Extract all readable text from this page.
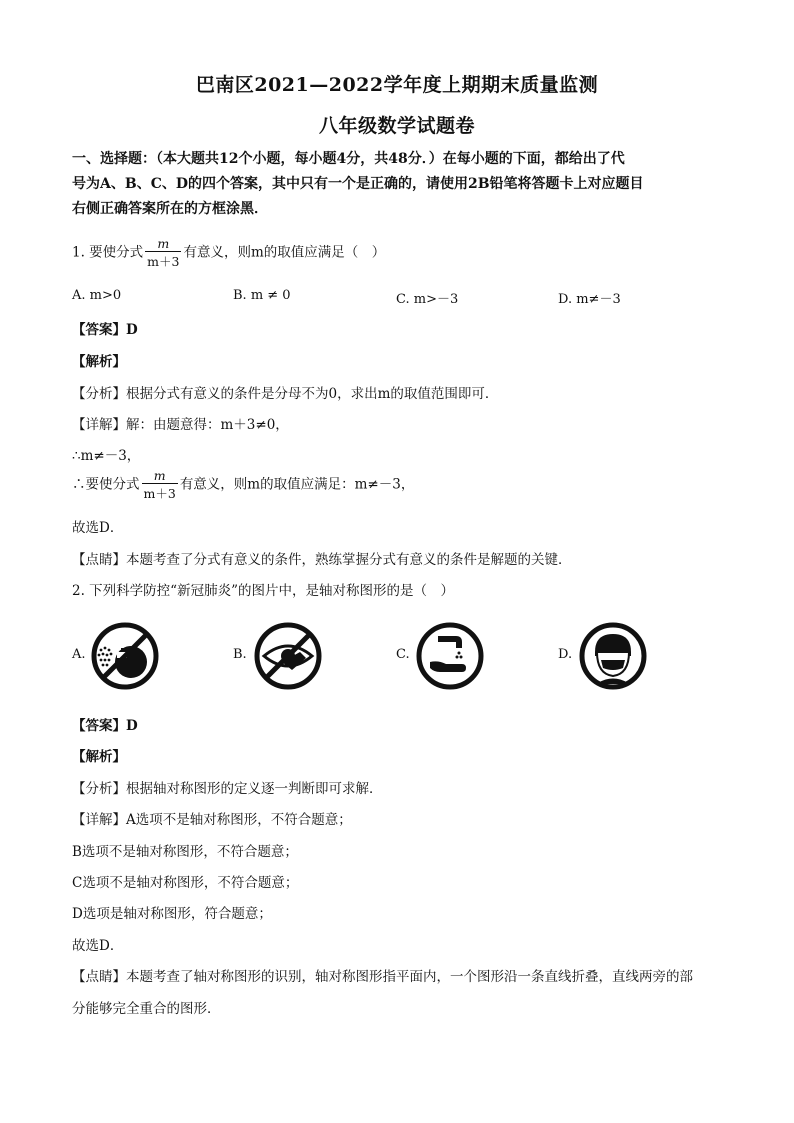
巴南区2021—2022学年度上期期末质量监测
八年级数学试题卷
一、选择题：（本大题共12个小题，每小题4分，共48分．）在每小题的下面，都给出了代
号为A、B、C、D的四个答案，其中只有一个是正确的，请使用2B铅笔将答题卡上对应题目
右侧正确答案所在的方框涂黑．
1. 要使分式 $\frac{m}{m+3}$ 有意义，则m的取值应满足（　）
A. m>0	B. m ≠ 0	C. m>－3	D. m≠－3
【答案】D
【解析】
【分析】根据分式有意义的条件是分母不为0，求出m的取值范围即可．
【详解】解：由题意得：m＋3≠0，
∴m≠－3，
∴要使分式 $\frac{m}{m+3}$ 有意义，则m的取值应满足：m≠－3，
故选D．
【点睛】本题考查了分式有意义的条件，熟练掌握分式有意义的条件是解题的关键．
2. 下列科学防控“新冠肺炎”的图片中，是轴对称图形的是（　）
A.	B.	C.	D.
【答案】D
【解析】
【分析】根据轴对称图形的定义逐一判断即可求解．
【详解】A选项不是轴对称图形，不符合题意；
B选项不是轴对称图形，不符合题意；
C选项不是轴对称图形，不符合题意；
D选项是轴对称图形，符合题意；
故选D．
【点睛】本题考查了轴对称图形的识别，轴对称图形指平面内，一个图形沿一条直线折叠，直线两旁的部
分能够完全重合的图形．
